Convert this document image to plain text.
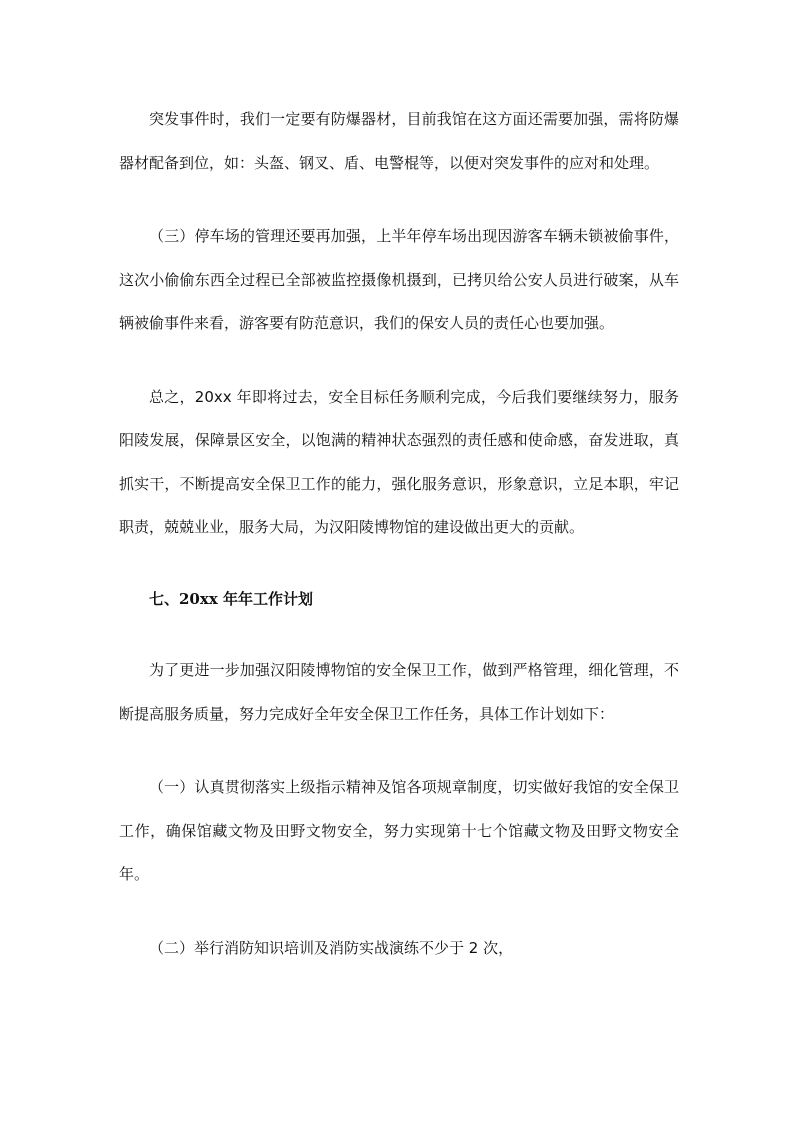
突发事件时，我们一定要有防爆器材，目前我馆在这方面还需要加强，需将防爆器材配备到位，如：头盔、钢叉、盾、电警棍等，以便对突发事件的应对和处理。

（三）停车场的管理还要再加强，上半年停车场出现因游客车辆未锁被偷事件，这次小偷偷东西全过程已全部被监控摄像机摄到，已拷贝给公安人员进行破案，从车辆被偷事件来看，游客要有防范意识，我们的保安人员的责任心也要加强。

总之，20xx 年即将过去，安全目标任务顺利完成，今后我们要继续努力，服务阳陵发展，保障景区安全，以饱满的精神状态强烈的责任感和使命感，奋发进取，真抓实干，不断提高安全保卫工作的能力，强化服务意识，形象意识，立足本职，牢记职责，兢兢业业，服务大局，为汉阳陵博物馆的建设做出更大的贡献。

七、20xx 年年工作计划

为了更进一步加强汉阳陵博物馆的安全保卫工作，做到严格管理，细化管理，不断提高服务质量，努力完成好全年安全保卫工作任务，具体工作计划如下：

（一）认真贯彻落实上级指示精神及馆各项规章制度，切实做好我馆的安全保卫工作，确保馆藏文物及田野文物安全，努力实现第十七个馆藏文物及田野文物安全年。

（二）举行消防知识培训及消防实战演练不少于 2 次，
